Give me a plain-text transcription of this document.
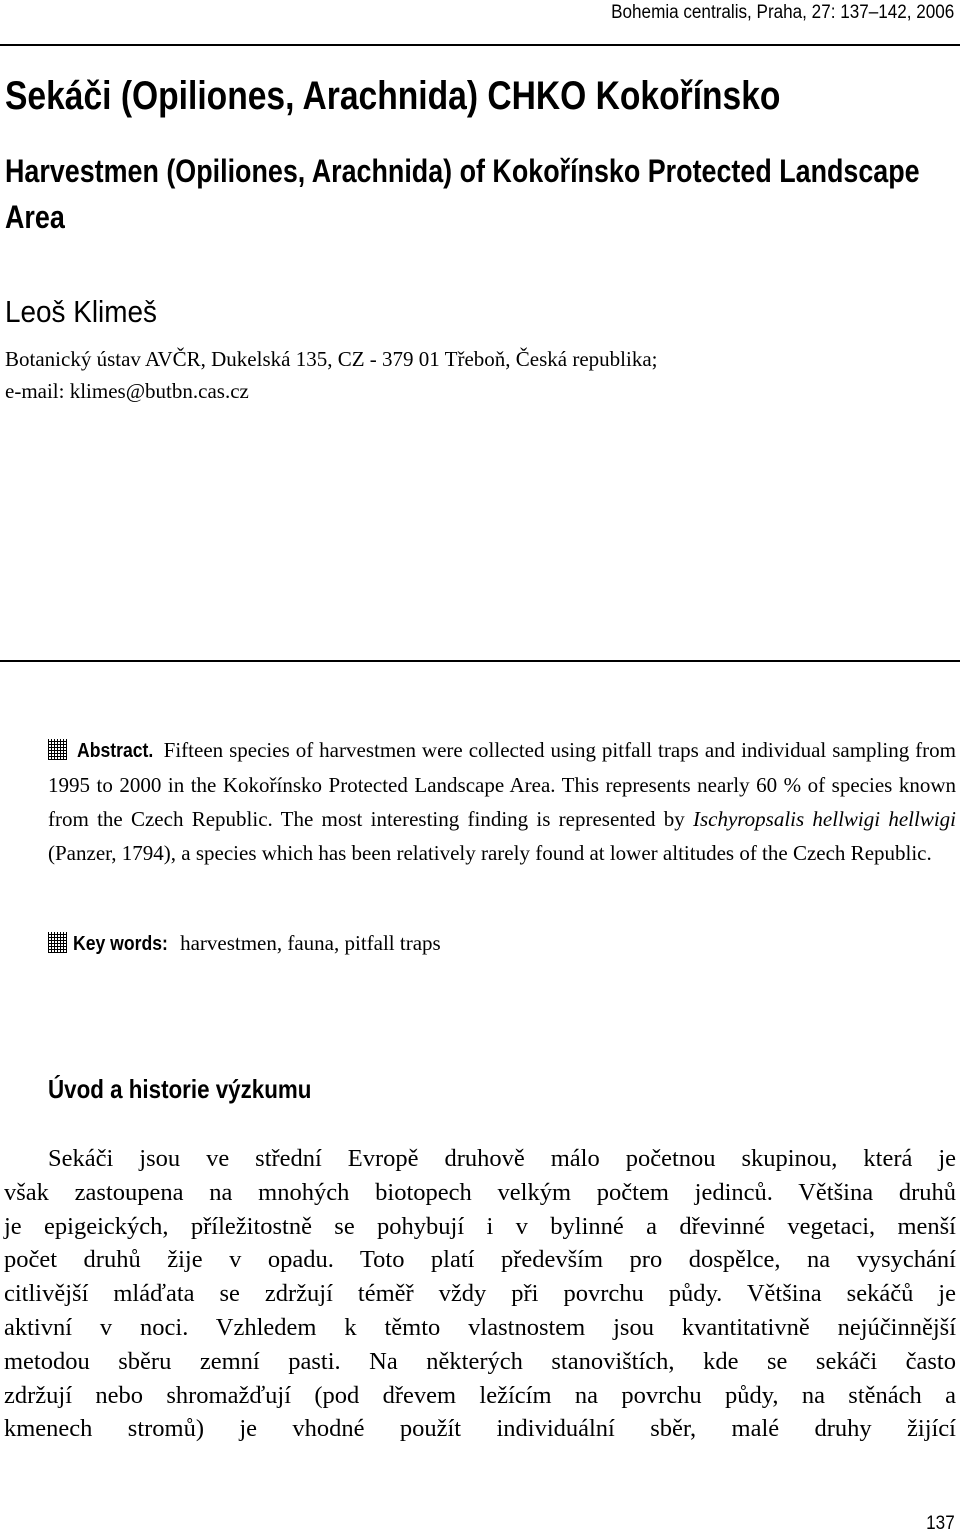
Bohemia centralis, Praha, 27: 137–142, 2006
Sekáči (Opiliones, Arachnida) CHKO Kokořínsko
Harvestmen (Opiliones, Arachnida) of Kokořínsko Protected Landscape Area
Leoš Klimeš
Botanický ústav AVČR, Dukelská 135, CZ - 379 01 Třeboň, Česká republika;
e-mail: klimes@butbn.cas.cz
Abstract. Fifteen species of harvestmen were collected using pitfall traps and individual sampling from 1995 to 2000 in the Kokořínsko Protected Landscape Area. This represents nearly 60 % of species known from the Czech Republic. The most interesting finding is represented by Ischyropsalis hellwigi hellwigi (Panzer, 1794), a species which has been relatively rarely found at lower altitudes of the Czech Republic.
Key words: harvestmen, fauna, pitfall traps
Úvod a historie výzkumu
Sekáči jsou ve střední Evropě druhově málo početnou skupinou, která je
však zastoupena na mnohých biotopech velkým počtem jedinců. Většina druhů
je epigeických, příležitostně se pohybují i v bylinné a dřevinné vegetaci, menší
počet druhů žije v opadu. Toto platí především pro dospělce, na vysychání
citlivější mláďata se zdržují téměř vždy při povrchu půdy. Většina sekáčů je
aktivní v noci. Vzhledem k těmto vlastnostem jsou kvantitativně nejúčinnější
metodou sběru zemní pasti. Na některých stanovištích, kde se sekáči často
zdržují nebo shromažďují (pod dřevem ležícím na povrchu půdy, na stěnách a
kmenech stromů) je vhodné použít individuální sběr, malé druhy žijící
137
